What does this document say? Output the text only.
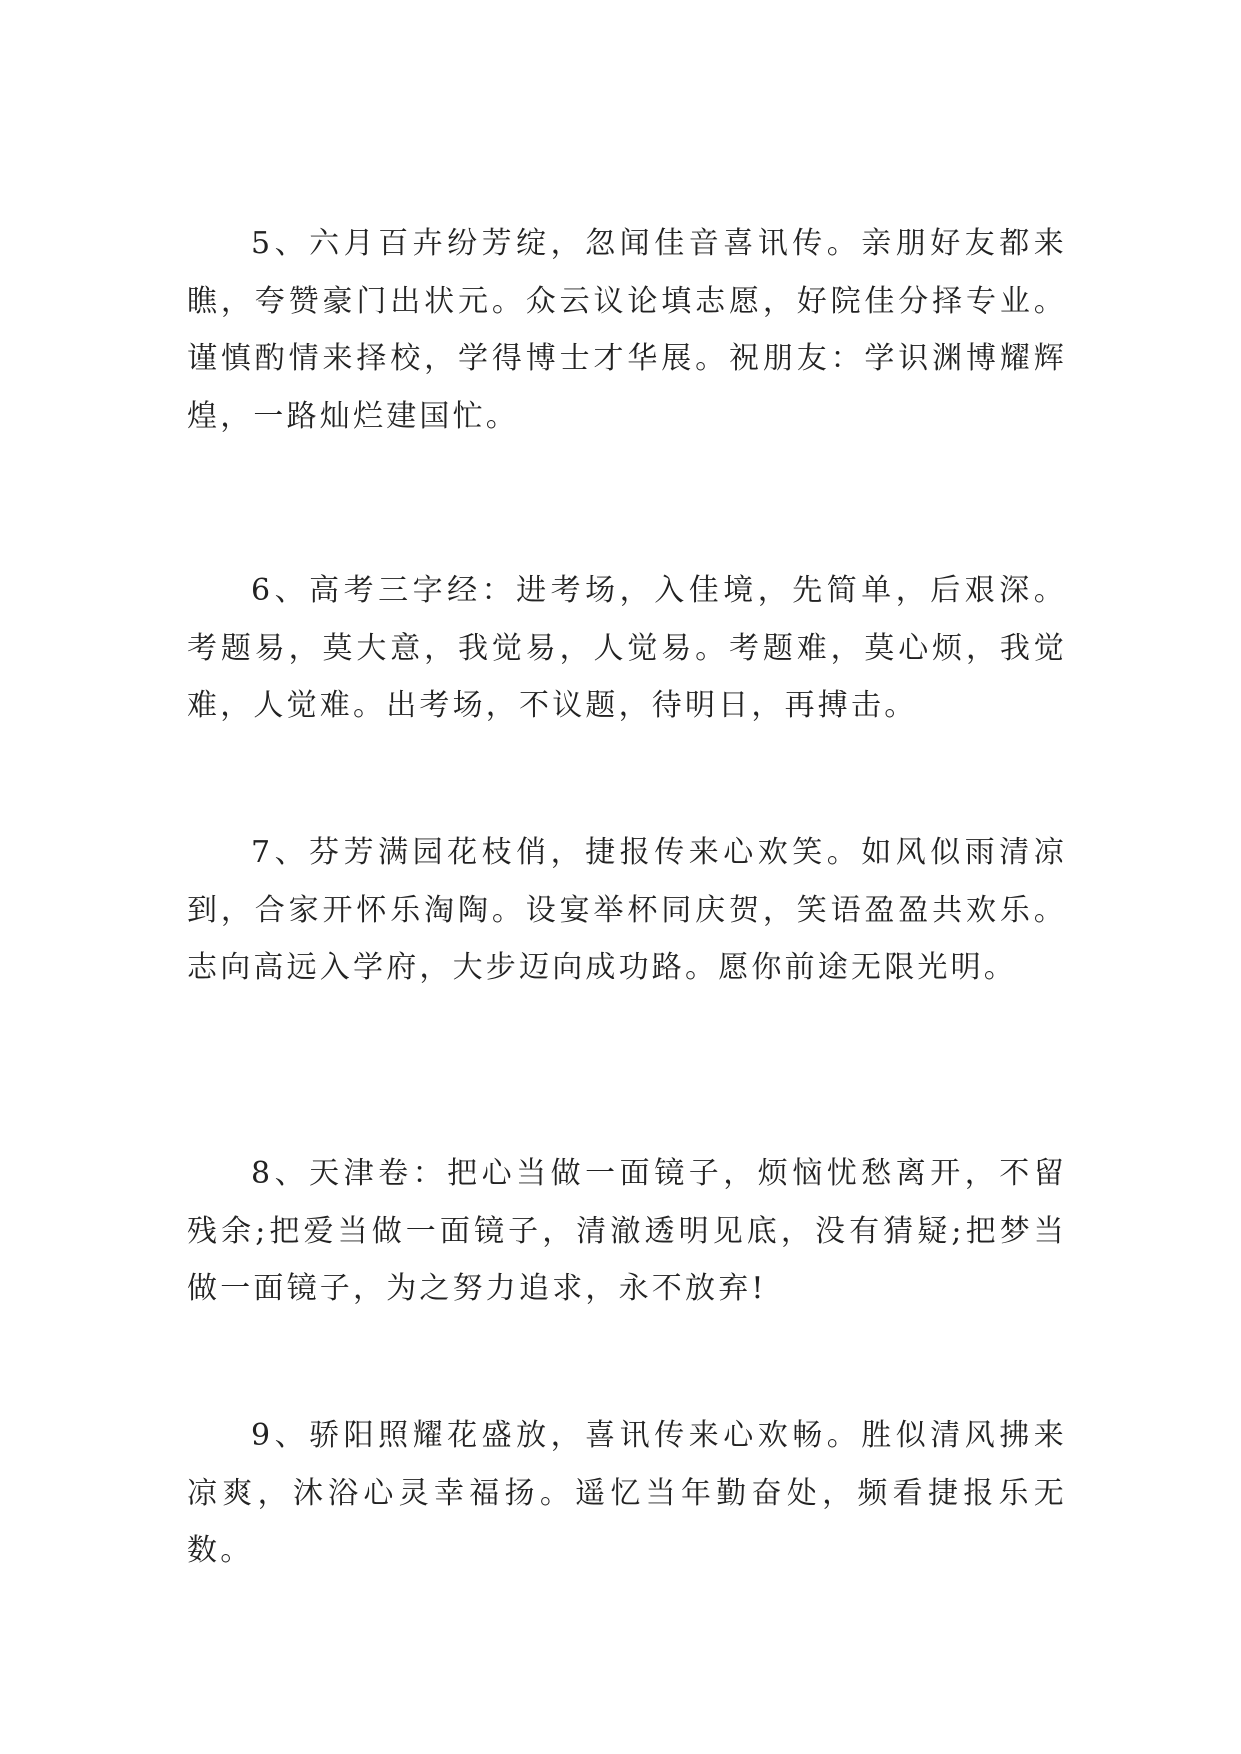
5、六月百卉纷芳绽，忽闻佳音喜讯传。亲朋好友都来瞧，夸赞豪门出状元。众云议论填志愿，好院佳分择专业。谨慎酌情来择校，学得博士才华展。祝朋友：学识渊博耀辉煌，一路灿烂建国忙。

6、高考三字经：进考场，入佳境，先简单，后艰深。考题易，莫大意，我觉易，人觉易。考题难，莫心烦，我觉难，人觉难。出考场，不议题，待明日，再搏击。

7、芬芳满园花枝俏，捷报传来心欢笑。如风似雨清凉到，合家开怀乐淘陶。设宴举杯同庆贺，笑语盈盈共欢乐。志向高远入学府，大步迈向成功路。愿你前途无限光明。

8、天津卷：把心当做一面镜子，烦恼忧愁离开，不留残余;把爱当做一面镜子，清澈透明见底，没有猜疑;把梦当做一面镜子，为之努力追求，永不放弃!

9、骄阳照耀花盛放，喜讯传来心欢畅。胜似清风拂来凉爽，沐浴心灵幸福扬。遥忆当年勤奋处，频看捷报乐无数。
